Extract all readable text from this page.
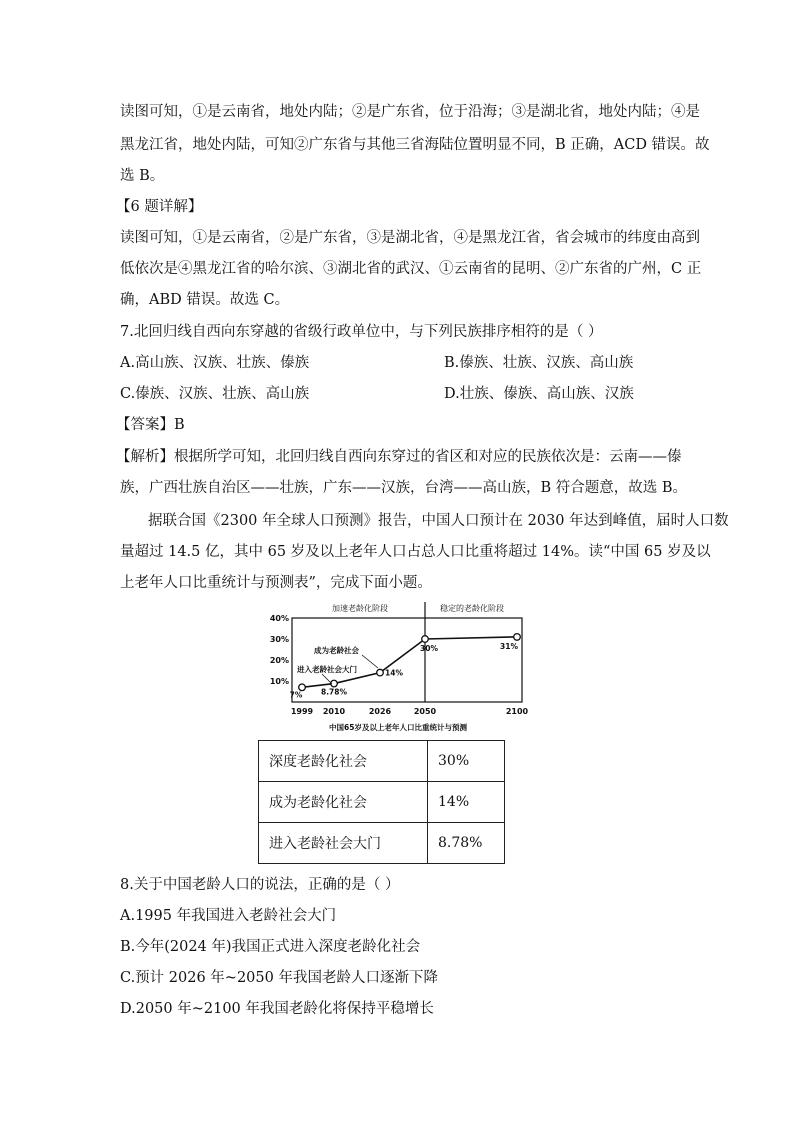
读图可知，①是云南省，地处内陆；②是广东省，位于沿海；③是湖北省，地处内陆；④是
黑龙江省，地处内陆，可知②广东省与其他三省海陆位置明显不同，B 正确，ACD 错误。故
选 B。
【6 题详解】
读图可知，①是云南省，②是广东省，③是湖北省，④是黑龙江省，省会城市的纬度由高到
低依次是④黑龙江省的哈尔滨、③湖北省的武汉、①云南省的昆明、②广东省的广州，C 正
确，ABD 错误。故选 C。
7.北回归线自西向东穿越的省级行政单位中，与下列民族排序相符的是（ ）
A.高山族、汉族、壮族、傣族	B.傣族、壮族、汉族、高山族
C.傣族、汉族、壮族、高山族	D.壮族、傣族、高山族、汉族
【答案】B
【解析】根据所学可知，北回归线自西向东穿过的省区和对应的民族依次是：云南——傣
族，广西壮族自治区——壮族，广东——汉族，台湾——高山族，B 符合题意，故选 B。
据联合国《2300 年全球人口预测》报告，中国人口预计在 2030 年达到峰值，届时人口数
量超过 14.5 亿，其中 65 岁及以上老年人口占总人口比重将超过 14%。读“中国 65 岁及以
上老年人口比重统计与预测表”，完成下面小题。
加速老龄化阶段	稳定的老龄化阶段
10%
20%
30%
40%
1999 2010	2026	2050	2100
7% 8.78%
14%
30%	31%
进入老龄社会大门
成为老龄社会
中国65岁及以上老年人口比重统计与预测
深度老龄化社会	30%
成为老龄化社会	14%
进入老龄社会大门	8.78%
8.关于中国老龄人口的说法，正确的是（ ）
A.1995 年我国进入老龄社会大门
B.今年(2024 年)我国正式进入深度老龄化社会
C.预计 2026 年~2050 年我国老龄人口逐渐下降
D.2050 年~2100 年我国老龄化将保持平稳增长
